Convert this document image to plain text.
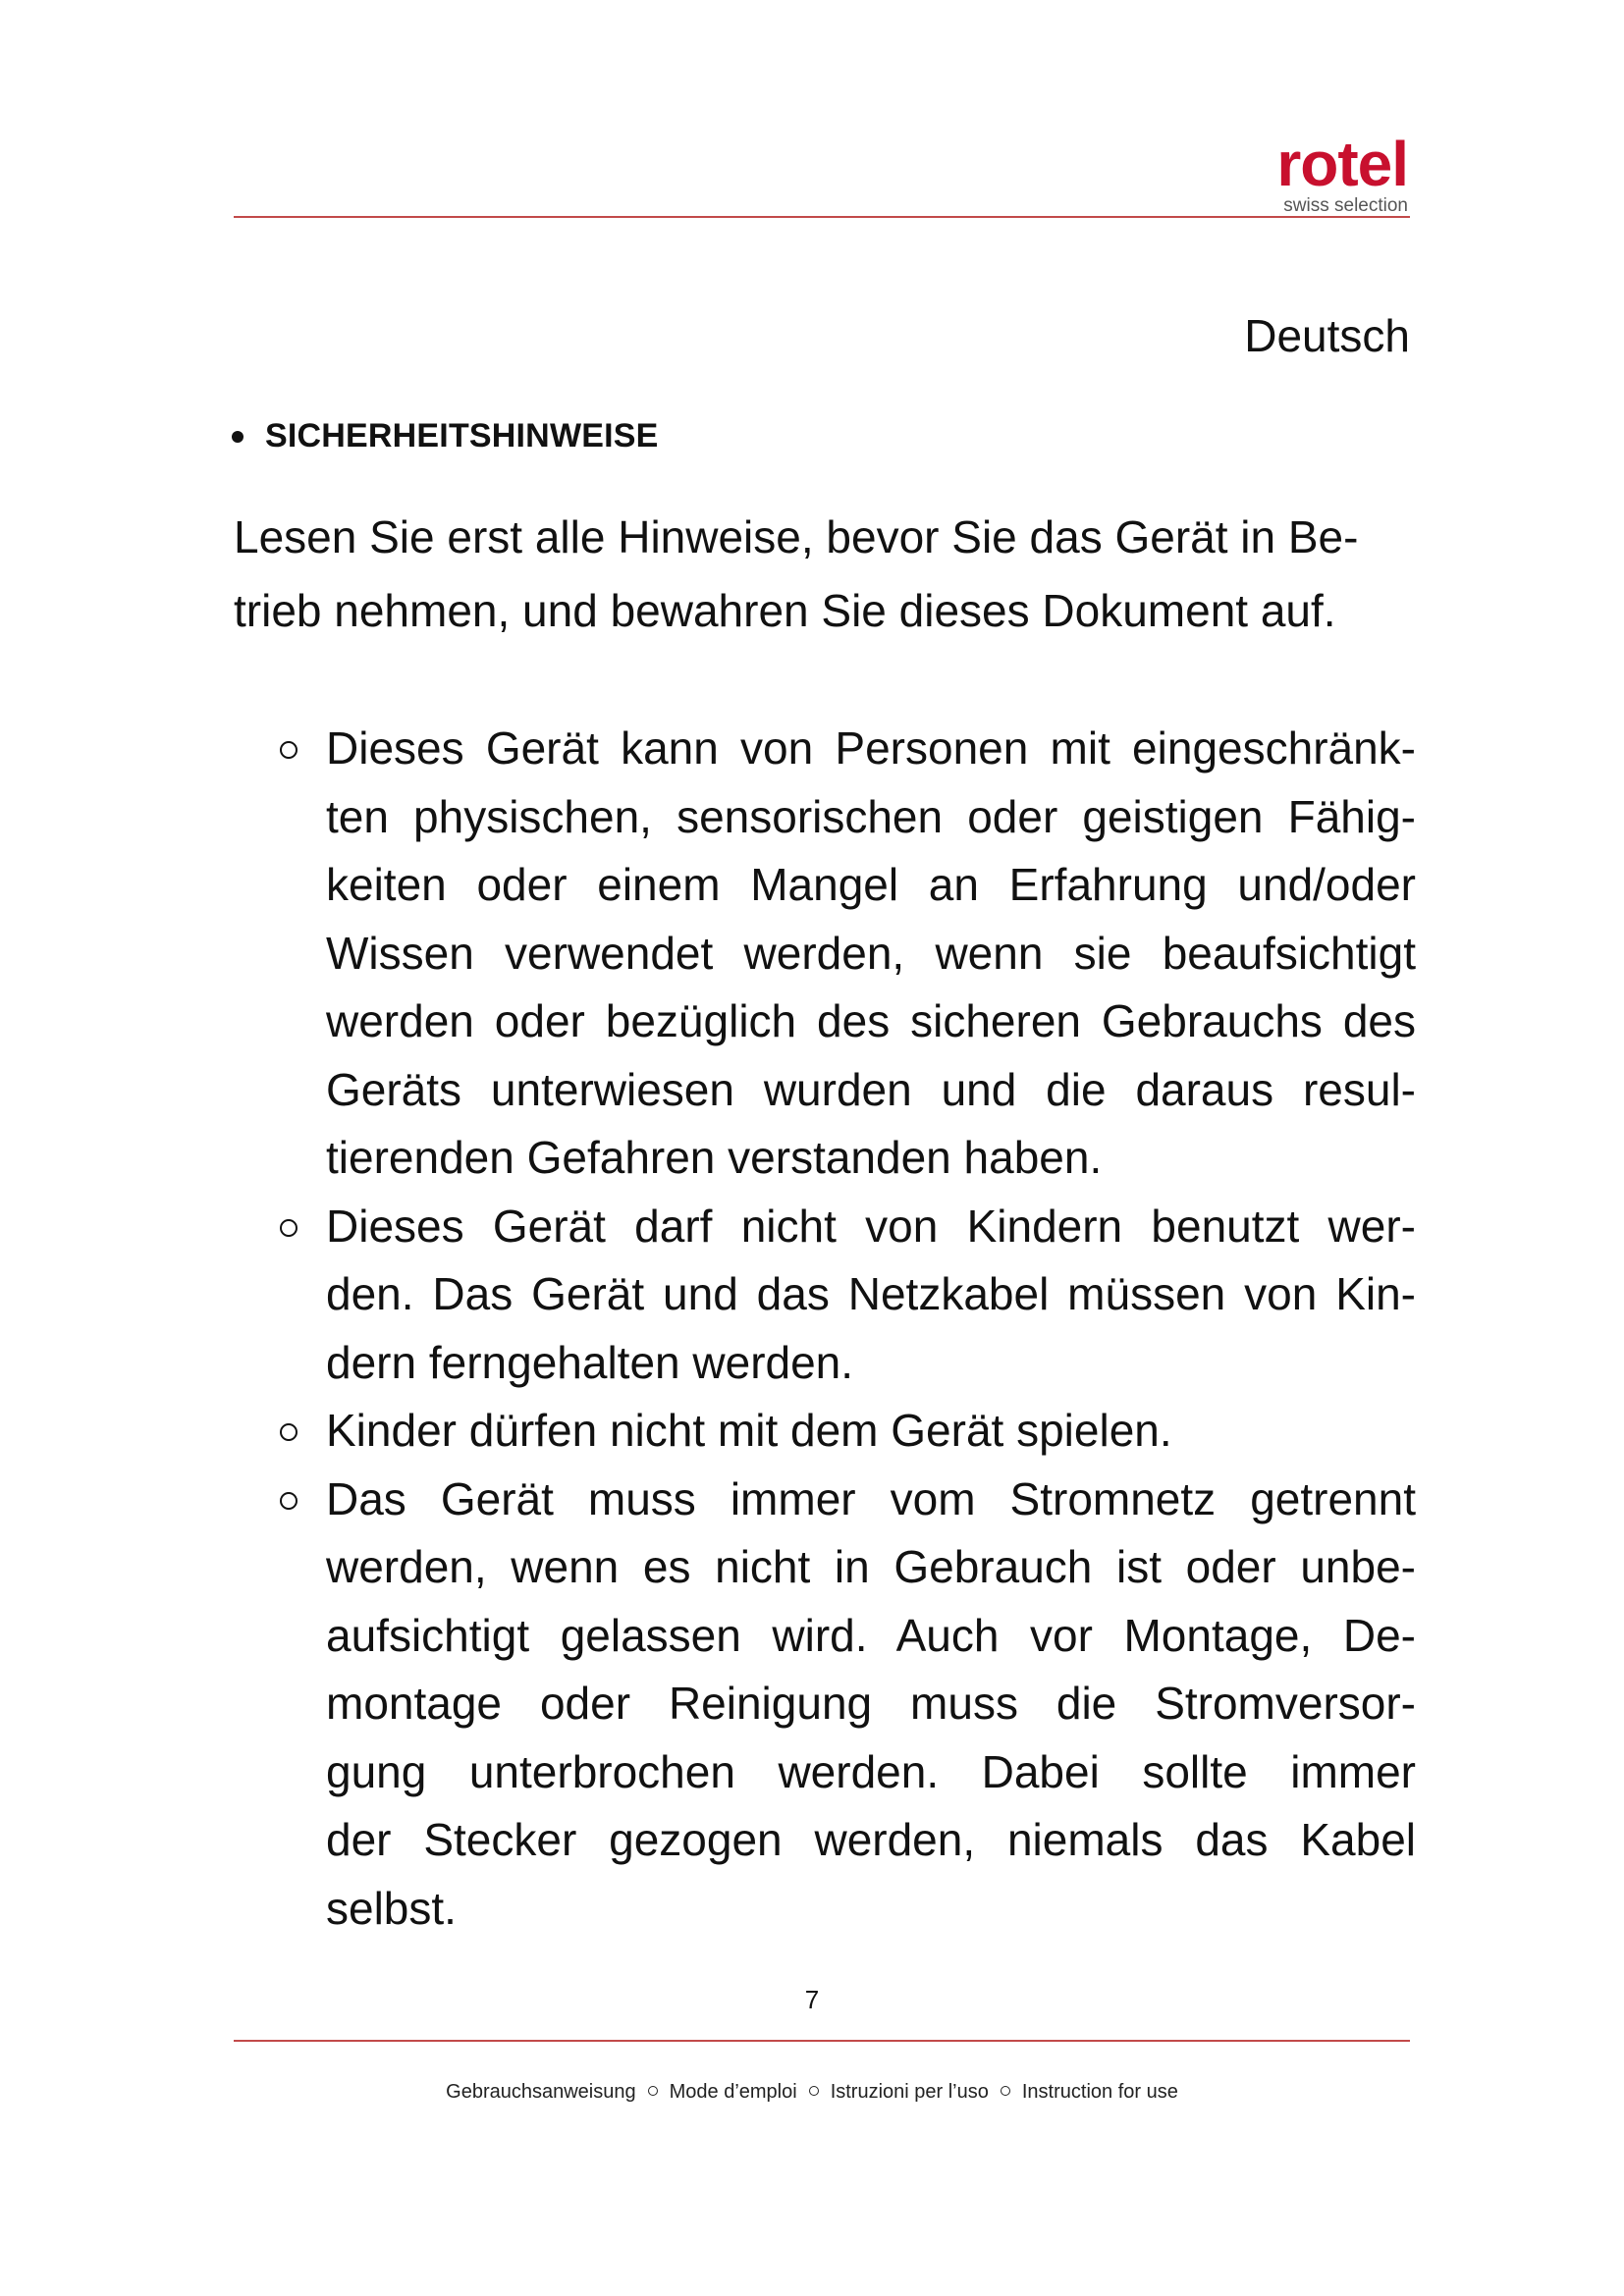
rotel
swiss selection
Deutsch
SICHERHEITSHINWEISE
Lesen Sie erst alle Hinweise, bevor Sie das Gerät in Be-
trieb nehmen, und bewahren Sie dieses Dokument auf.
Dieses Gerät kann von Personen mit eingeschränk-
ten physischen, sensorischen oder geistigen Fähig-
keiten oder einem Mangel an Erfahrung und/oder
Wissen verwendet werden, wenn sie beaufsichtigt
werden oder bezüglich des sicheren Gebrauchs des
Geräts unterwiesen wurden und die daraus resul-
tierenden Gefahren verstanden haben.
Dieses Gerät darf nicht von Kindern benutzt wer-
den. Das Gerät und das Netzkabel müssen von Kin-
dern ferngehalten werden.
Kinder dürfen nicht mit dem Gerät spielen.
Das Gerät muss immer vom Stromnetz getrennt
werden, wenn es nicht in Gebrauch ist oder unbe-
aufsichtigt gelassen wird. Auch vor Montage, De-
montage oder Reinigung muss die Stromversor-
gung unterbrochen werden. Dabei sollte immer
der Stecker gezogen werden, niemals das Kabel
selbst.
7
Gebrauchsanweisung Mode d’emploi Istruzioni per l’uso Instruction for use
